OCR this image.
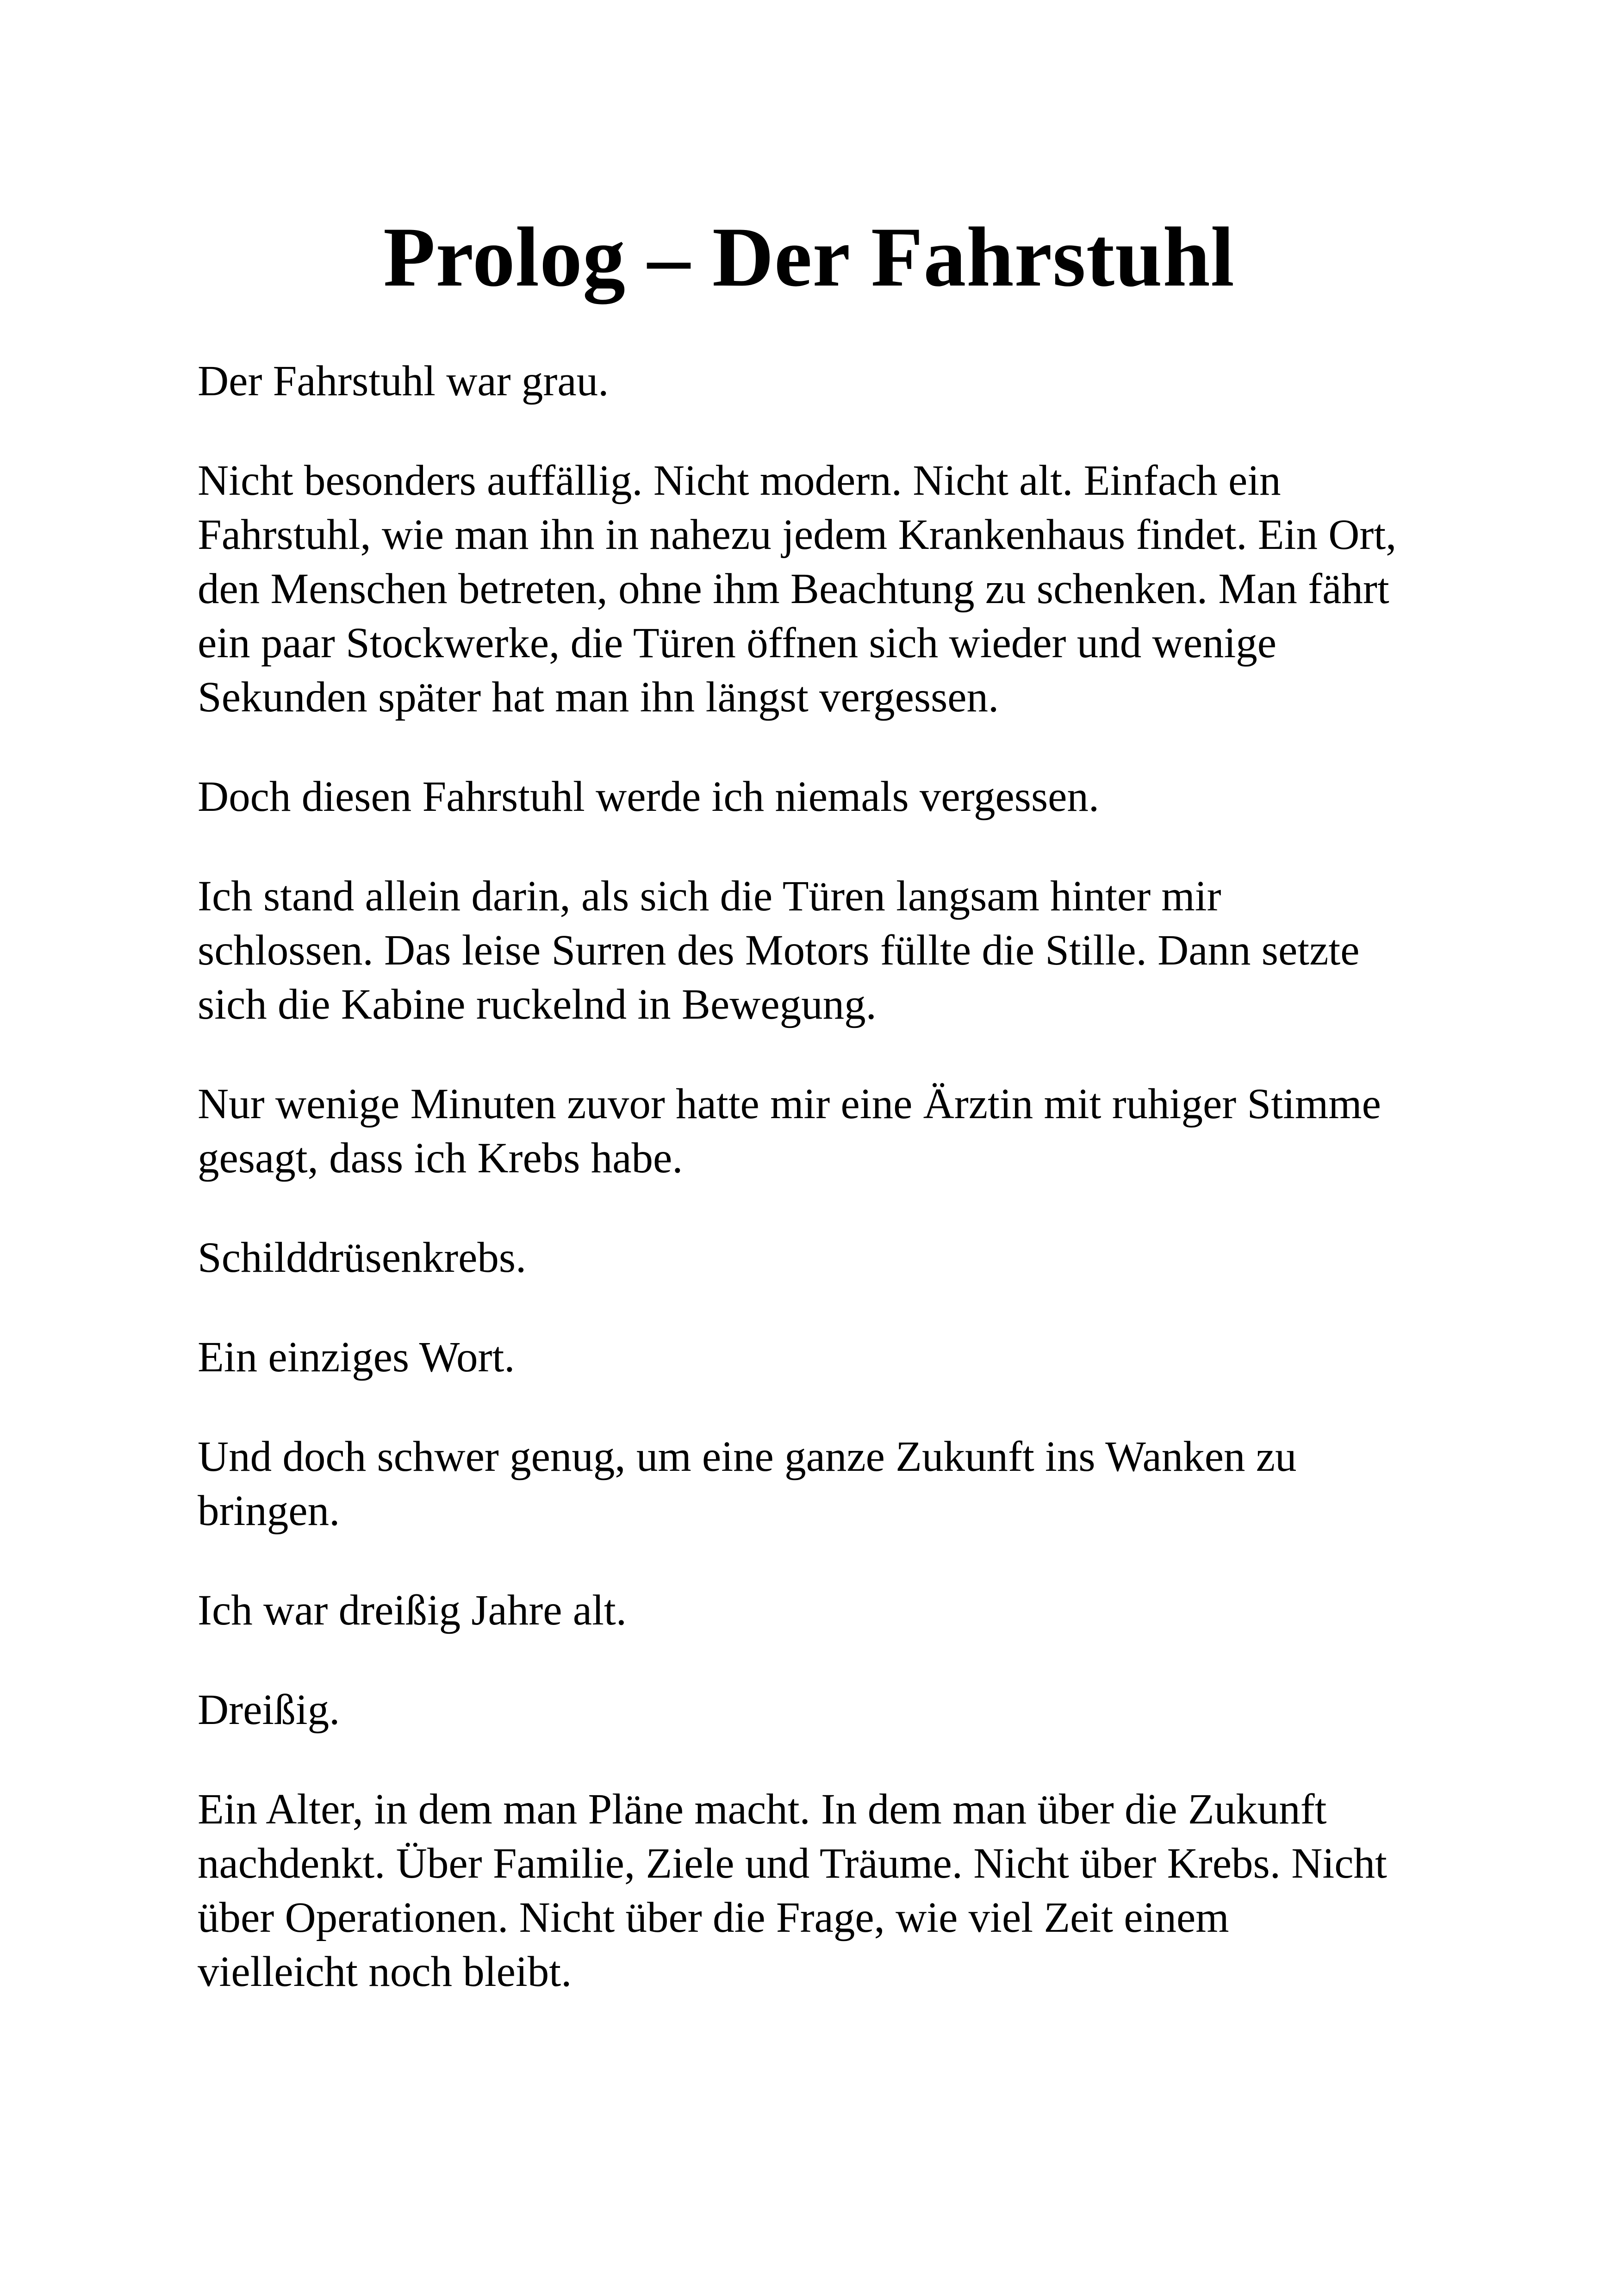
Prolog – Der Fahrstuhl

Der Fahrstuhl war grau.

Nicht besonders auffällig. Nicht modern. Nicht alt. Einfach ein
Fahrstuhl, wie man ihn in nahezu jedem Krankenhaus findet. Ein Ort,
den Menschen betreten, ohne ihm Beachtung zu schenken. Man fährt
ein paar Stockwerke, die Türen öffnen sich wieder und wenige
Sekunden später hat man ihn längst vergessen.

Doch diesen Fahrstuhl werde ich niemals vergessen.

Ich stand allein darin, als sich die Türen langsam hinter mir
schlossen. Das leise Surren des Motors füllte die Stille. Dann setzte
sich die Kabine ruckelnd in Bewegung.

Nur wenige Minuten zuvor hatte mir eine Ärztin mit ruhiger Stimme
gesagt, dass ich Krebs habe.

Schilddrüsenkrebs.

Ein einziges Wort.

Und doch schwer genug, um eine ganze Zukunft ins Wanken zu
bringen.

Ich war dreißig Jahre alt.

Dreißig.

Ein Alter, in dem man Pläne macht. In dem man über die Zukunft
nachdenkt. Über Familie, Ziele und Träume. Nicht über Krebs. Nicht
über Operationen. Nicht über die Frage, wie viel Zeit einem
vielleicht noch bleibt.
